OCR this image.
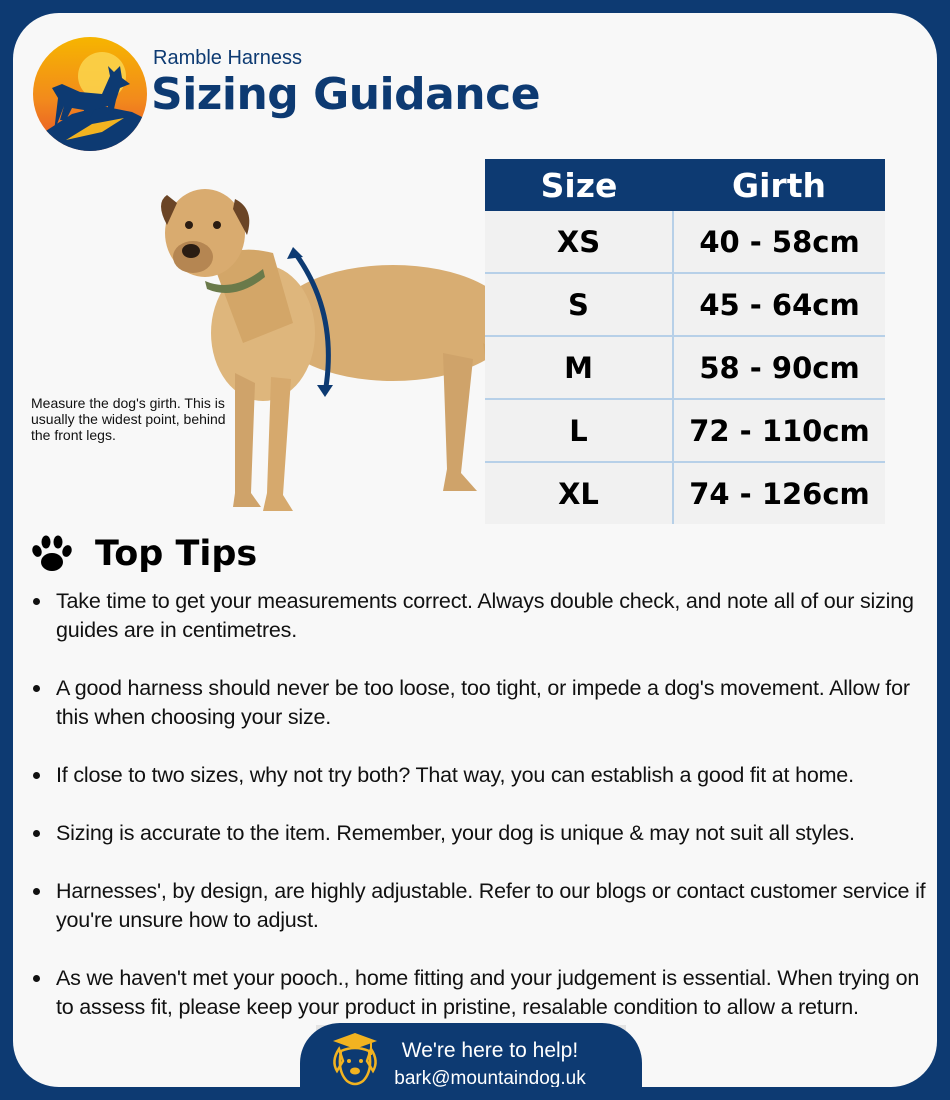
Ramble Harness
Sizing Guidance
Measure the dog's girth. This is usually the widest point, behind the front legs.
Size	Girth
XS	40 - 58cm
S	45 - 64cm
M	58 - 90cm
L	72 - 110cm
XL	74 - 126cm
Top Tips
Take time to get your measurements correct. Always double check, and note all of our sizing guides are in centimetres.
A good harness should never be too loose, too tight, or impede a dog's movement. Allow for this when choosing your size.
If close to two sizes, why not try both? That way, you can establish a good fit at home.
Sizing is accurate to the item. Remember, your dog is unique & may not suit all styles.
Harnesses', by design, are highly adjustable. Refer to our blogs or contact customer service if you're unsure how to adjust.
As we haven't met your pooch., home fitting and your judgement is essential. When trying on to assess fit, please keep your product in pristine, resalable condition to allow a return.
We're here to help!
bark@mountaindog.uk
